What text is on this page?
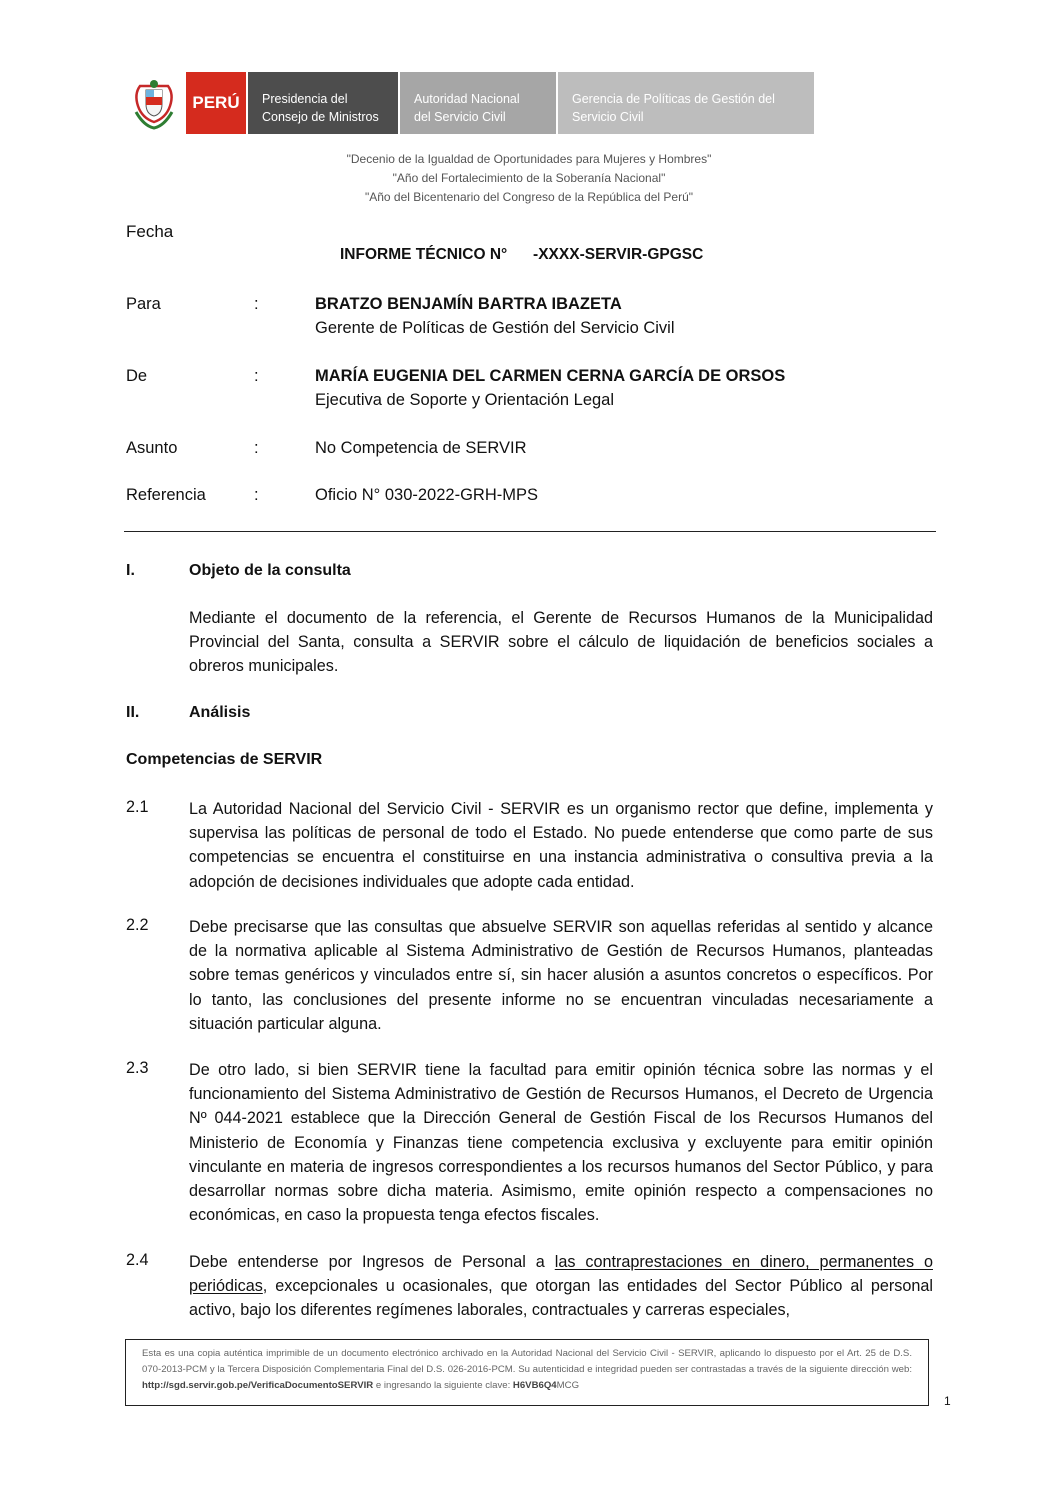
PERÚ Presidencia del
Consejo de Ministros
Autoridad Nacional
del Servicio Civil
Gerencia de Políticas de Gestión del
Servicio Civil
"Decenio de la Igualdad de Oportunidades para Mujeres y Hombres"
"Año del Fortalecimiento de la Soberanía Nacional"
"Año del Bicentenario del Congreso de la República del Perú"
Fecha
INFORME TÉCNICO N°      -XXXX-SERVIR-GPGSC
Para	:	BRATZO BENJAMÍN BARTRA IBAZETA
Gerente de Políticas de Gestión del Servicio Civil
De	:	MARÍA EUGENIA DEL CARMEN CERNA GARCÍA DE ORSOS
Ejecutiva de Soporte y Orientación Legal
Asunto	:	No Competencia de SERVIR
Referencia	:	Oficio N° 030-2022-GRH-MPS
I.	Objeto de la consulta
Mediante el documento de la referencia, el Gerente de Recursos Humanos de la Municipalidad Provincial del Santa, consulta a SERVIR sobre el cálculo de liquidación de beneficios sociales a obreros municipales.
II.	Análisis
Competencias de SERVIR
2.1 La Autoridad Nacional del Servicio Civil - SERVIR es un organismo rector que define, implementa y supervisa las políticas de personal de todo el Estado. No puede entenderse que como parte de sus competencias se encuentra el constituirse en una instancia administrativa o consultiva previa a la adopción de decisiones individuales que adopte cada entidad.
2.2 Debe precisarse que las consultas que absuelve SERVIR son aquellas referidas al sentido y alcance de la normativa aplicable al Sistema Administrativo de Gestión de Recursos Humanos, planteadas sobre temas genéricos y vinculados entre sí, sin hacer alusión a asuntos concretos o específicos. Por lo tanto, las conclusiones del presente informe no se encuentran vinculadas necesariamente a situación particular alguna.
2.3 De otro lado, si bien SERVIR tiene la facultad para emitir opinión técnica sobre las normas y el funcionamiento del Sistema Administrativo de Gestión de Recursos Humanos, el Decreto de Urgencia Nº 044-2021 establece que la Dirección General de Gestión Fiscal de los Recursos Humanos del Ministerio de Economía y Finanzas tiene competencia exclusiva y excluyente para emitir opinión vinculante en materia de ingresos correspondientes a los recursos humanos del Sector Público, y para desarrollar normas sobre dicha materia. Asimismo, emite opinión respecto a compensaciones no económicas, en caso la propuesta tenga efectos fiscales.
2.4 Debe entenderse por Ingresos de Personal a las contraprestaciones en dinero, permanentes o periódicas, excepcionales u ocasionales, que otorgan las entidades del Sector Público al personal activo, bajo los diferentes regímenes laborales, contractuales y carreras especiales,
Esta es una copia auténtica imprimible de un documento electrónico archivado en la Autoridad Nacional del Servicio Civil - SERVIR, aplicando lo dispuesto por el Art. 25 de D.S. 070-2013-PCM y la Tercera Disposición Complementaria Final del D.S. 026-2016-PCM. Su autenticidad e integridad pueden ser contrastadas a través de la siguiente dirección web: http://sgd.servir.gob.pe/VerificaDocumentoSERVIR e ingresando la siguiente clave: H6VB6Q4MCG
1
